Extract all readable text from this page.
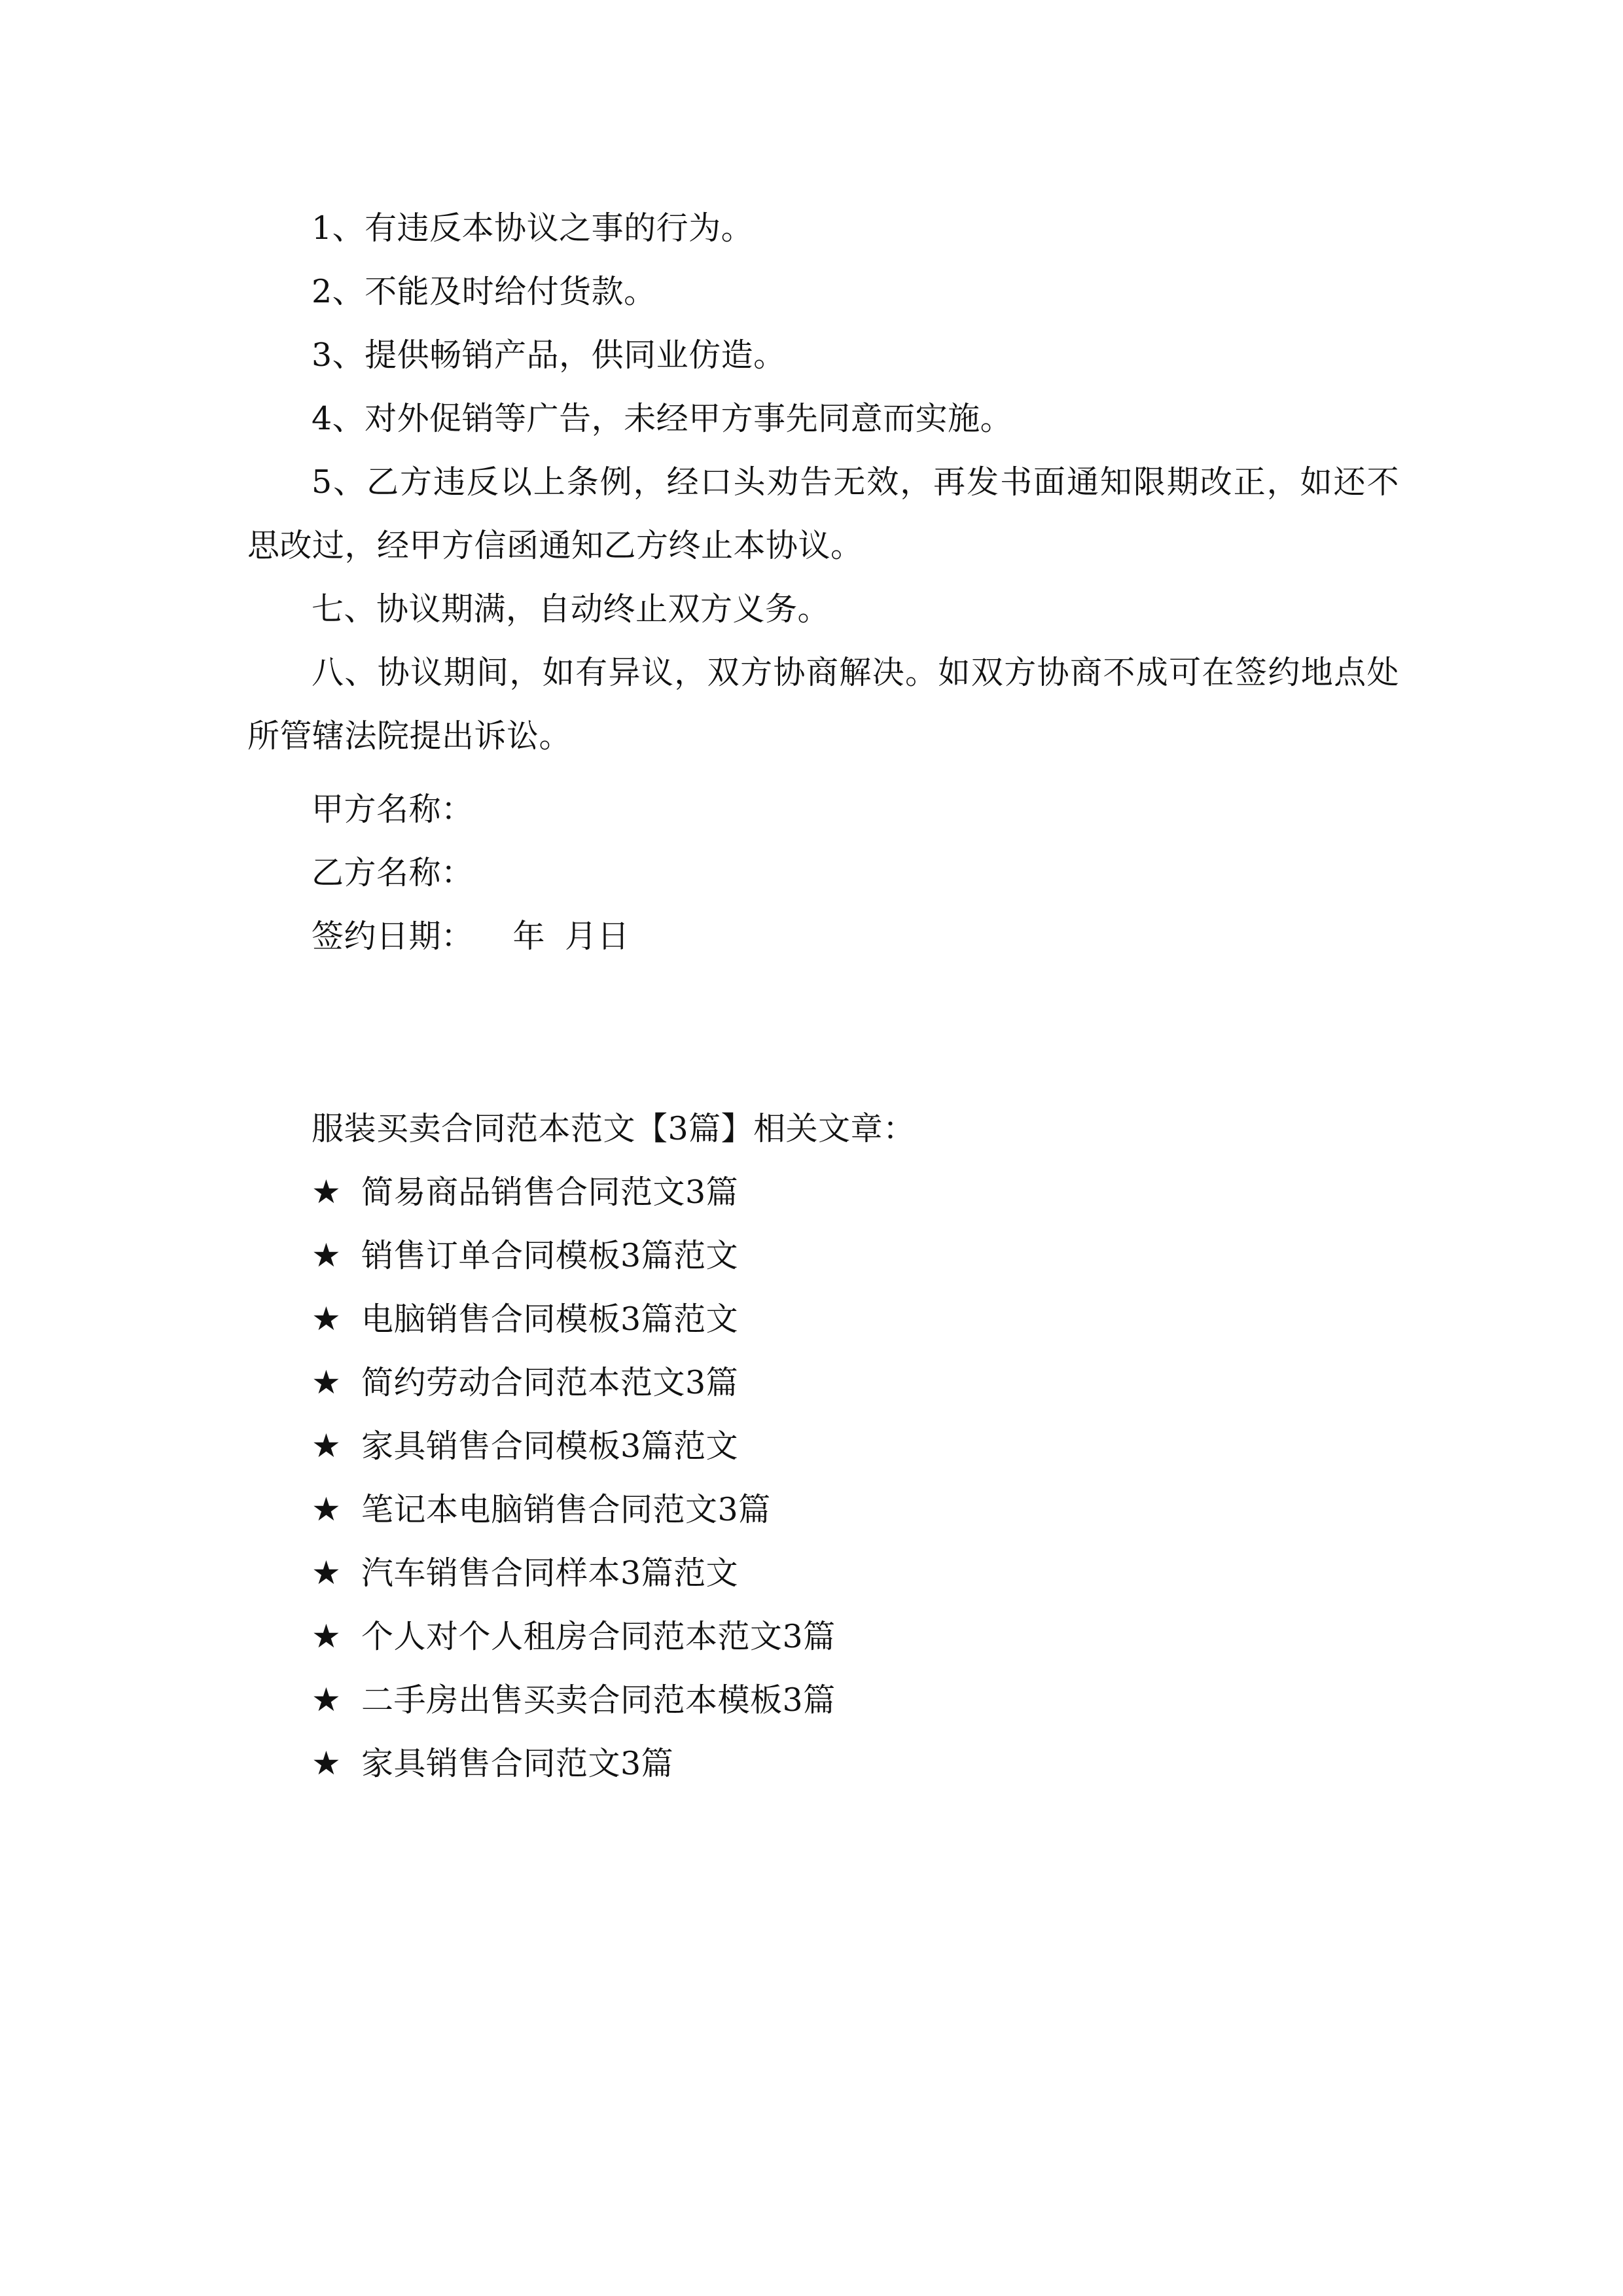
1、有违反本协议之事的行为。

2、不能及时给付货款。

3、提供畅销产品，供同业仿造。

4、对外促销等广告，未经甲方事先同意而实施。

5、乙方违反以上条例，经口头劝告无效，再发书面通知限期改正，如还不思改过，经甲方信函通知乙方终止本协议。

七、协议期满，自动终止双方义务。

八、协议期间，如有异议，双方协商解决。如双方协商不成可在签约地点处所管辖法院提出诉讼。

甲方名称：

乙方名称：

签约日期： 年 月日

服装买卖合同范本范文【3篇】相关文章：

★ 简易商品销售合同范文3篇
★ 销售订单合同模板3篇范文
★ 电脑销售合同模板3篇范文
★ 简约劳动合同范本范文3篇
★ 家具销售合同模板3篇范文
★ 笔记本电脑销售合同范文3篇
★ 汽车销售合同样本3篇范文
★ 个人对个人租房合同范本范文3篇
★ 二手房出售买卖合同范本模板3篇
★ 家具销售合同范文3篇
